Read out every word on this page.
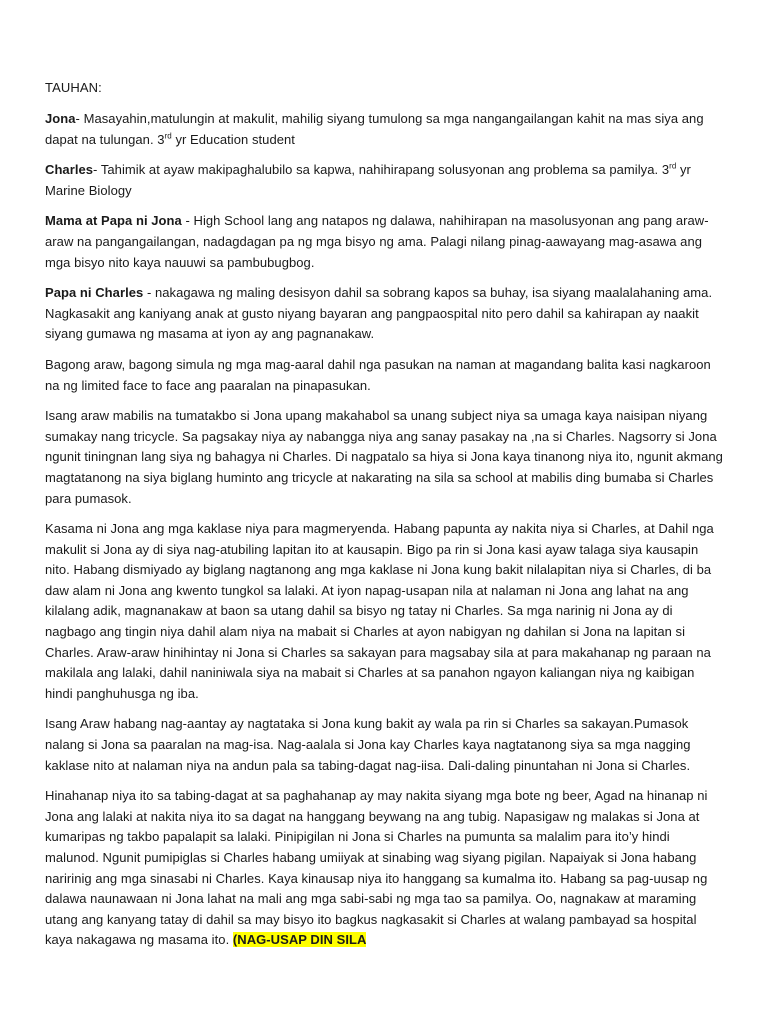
TAUHAN:

Jona- Masayahin,matulungin at makulit, mahilig siyang tumulong sa mga nangangailangan kahit na mas siya ang dapat na tulungan. 3rd yr Education student

Charles- Tahimik at ayaw makipaghalubilo sa kapwa, nahihirapang solusyonan ang problema sa pamilya. 3rd yr Marine Biology

Mama at Papa ni Jona - High School lang ang natapos ng dalawa, nahihirapan na masolusyonan ang pang araw-araw na pangangailangan, nadagdagan pa ng mga bisyo ng ama. Palagi nilang pinag-aawayang mag-asawa ang mga bisyo nito kaya nauuwi sa pambubugbog.

Papa ni Charles - nakagawa ng maling desisyon dahil sa sobrang kapos sa buhay, isa siyang maalalahaning ama. Nagkasakit ang kaniyang anak at gusto niyang bayaran ang pangpaospital nito pero dahil sa kahirapan ay naakit siyang gumawa ng masama at iyon ay ang pagnanakaw.

Bagong araw, bagong simula ng mga mag-aaral dahil nga pasukan na naman at magandang balita kasi nagkaroon na ng limited face to face ang paaralan na pinapasukan.

Isang araw mabilis na tumatakbo si Jona upang makahabol sa unang subject niya sa umaga kaya naisipan niyang sumakay nang tricycle. Sa pagsakay niya ay nabangga niya ang sanay pasakay na ,na si Charles. Nagsorry si Jona ngunit tiningnan lang siya ng bahagya ni Charles. Di nagpatalo sa hiya si Jona kaya tinanong niya ito, ngunit akmang magtatanong na siya biglang huminto ang tricycle at nakarating na sila sa school at mabilis ding bumaba si Charles para pumasok.

Kasama ni Jona ang mga kaklase niya para magmeryenda. Habang papunta ay nakita niya si Charles, at Dahil nga makulit si Jona ay di siya nag-atubiling lapitan ito at kausapin. Bigo pa rin si Jona kasi ayaw talaga siya kausapin nito. Habang dismiyado ay biglang nagtanong ang mga kaklase ni Jona kung bakit nilalapitan niya si Charles, di ba daw alam ni Jona ang kwento tungkol sa lalaki. At iyon napag-usapan nila at nalaman ni Jona ang lahat na ang kilalang adik, magnanakaw at baon sa utang dahil sa bisyo ng tatay ni Charles. Sa mga narinig ni Jona ay di nagbago ang tingin niya dahil alam niya na mabait si Charles at ayon nabigyan ng dahilan si Jona na lapitan si Charles. Araw-araw hinihintay ni Jona si Charles sa sakayan para magsabay sila at para makahanap ng paraan na makilala ang lalaki, dahil naniniwala siya na mabait si Charles at sa panahon ngayon kaliangan niya ng kaibigan hindi panghuhusga ng iba.

Isang Araw habang nag-aantay ay nagtataka si Jona kung bakit ay wala pa rin si Charles sa sakayan.Pumasok nalang si Jona sa paaralan na mag-isa. Nag-aalala si Jona kay Charles kaya nagtatanong siya sa mga nagging kaklase nito at nalaman niya na andun pala sa tabing-dagat nag-iisa. Dali-daling pinuntahan ni Jona si Charles.

Hinahanap niya ito sa tabing-dagat at sa paghahanap ay may nakita siyang mga bote ng beer, Agad na hinanap ni Jona ang lalaki at nakita niya ito sa dagat na hanggang beywang na ang tubig. Napasigaw ng malakas si Jona at kumaripas ng takbo papalapit sa lalaki. Pinipigilan ni Jona si Charles na pumunta sa malalim para ito’y hindi malunod. Ngunit pumipiglas si Charles habang umiiyak at sinabing wag siyang pigilan. Napaiyak si Jona habang naririnig ang mga sinasabi ni Charles. Kaya kinausap niya ito hanggang sa kumalma ito. Habang sa pag-uusap ng dalawa naunawaan ni Jona lahat na mali ang mga sabi-sabi ng mga tao sa pamilya. Oo, nagnakaw at maraming utang ang kanyang tatay di dahil sa may bisyo ito bagkus nagkasakit si Charles at walang pambayad sa hospital kaya nakagawa ng masama ito. (NAG-USAP DIN SILA
